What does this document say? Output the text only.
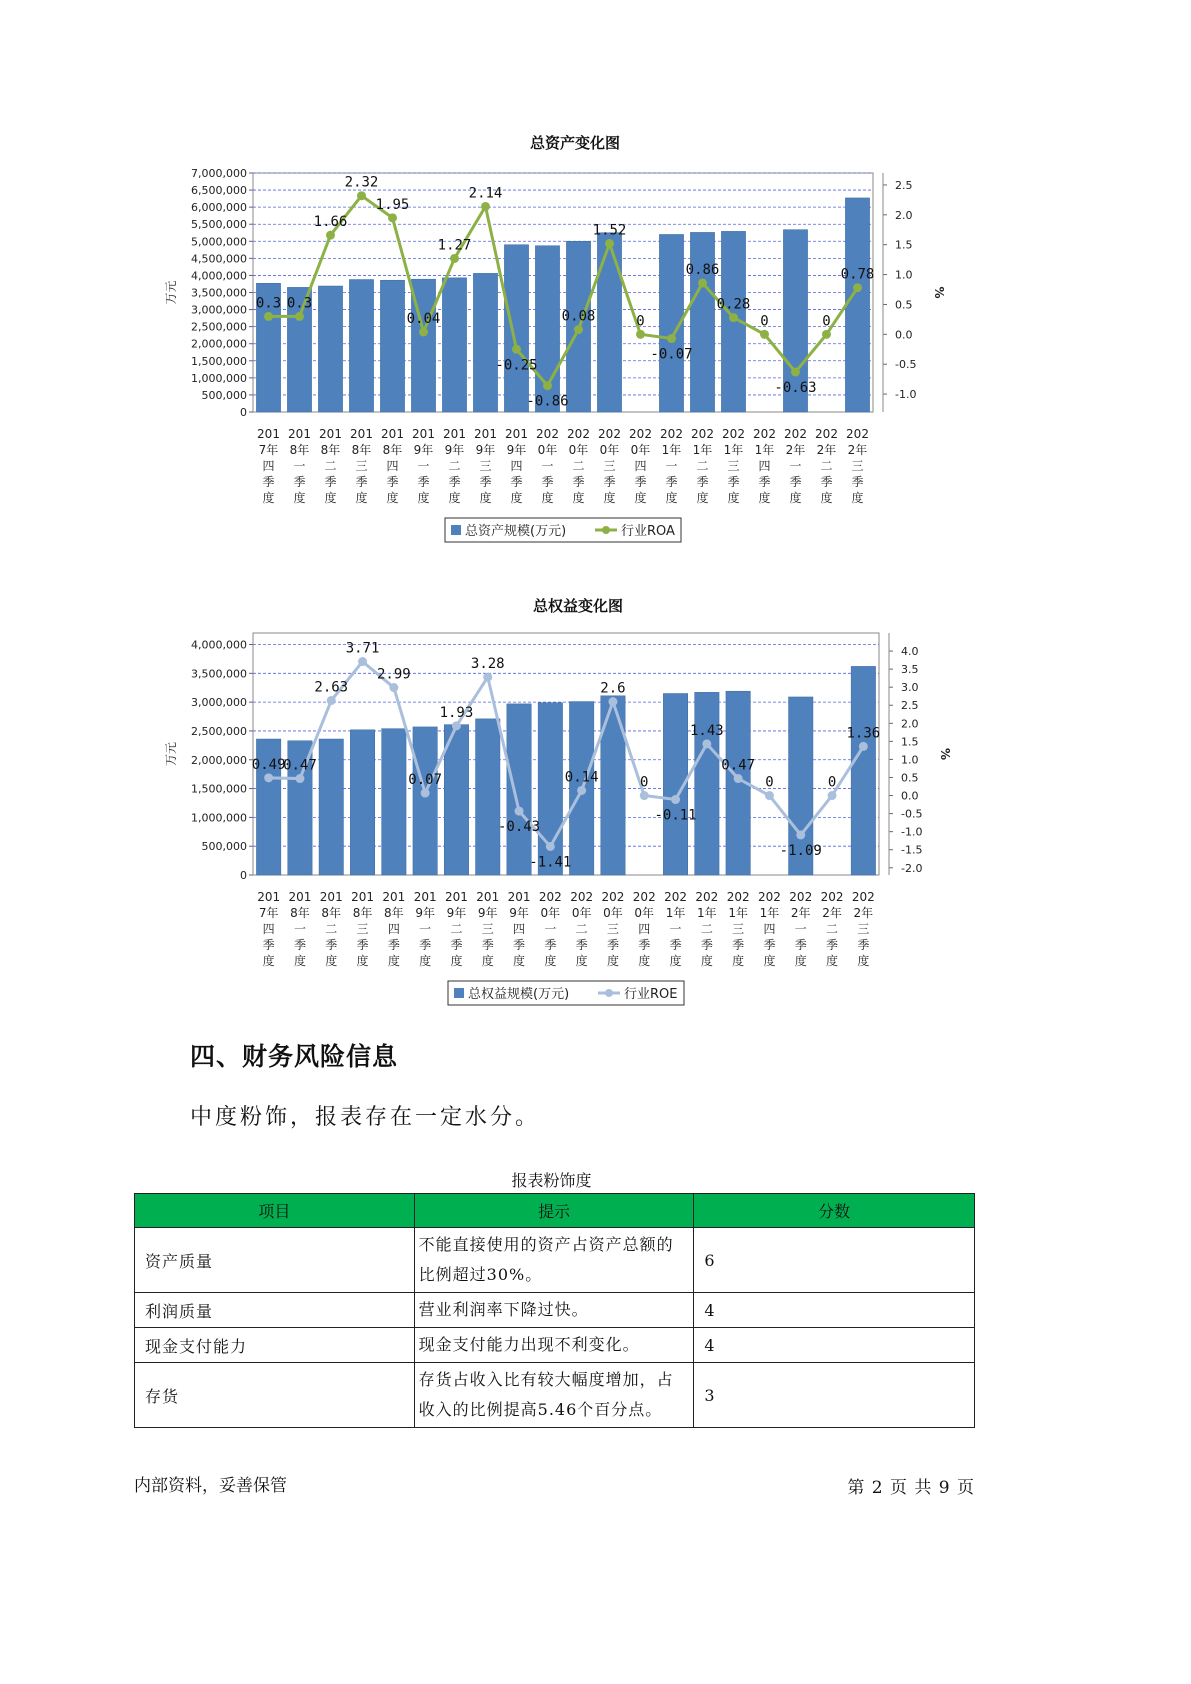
总资产变化图
0
500,000
1,000,000
1,500,000
2,000,000
2,500,000
3,000,000
3,500,000
4,000,000
4,500,000
5,000,000
5,500,000
6,000,000
6,500,000
7,000,000
-1.0
-0.5
0.0
0.5
1.0
1.5
2.0
2.5
万元	%
0.3 0.3
1.66
2.32
1.95
0.04
1.27
2.14
-0.25
-0.86
0.08
1.52
0
-0.07
0.86
0.28
0
-0.63
0
0.78
201 7年四季度
201 8年一季度
201 8年二季度
201 8年三季度
201 8年四季度
201 9年一季度
201 9年二季度
201 9年三季度
201 9年四季度
202 0年一季度
202 0年二季度
202 0年三季度
202 0年四季度
202 1年一季度
202 1年二季度
202 1年三季度
202 1年四季度
202 2年一季度
202 2年二季度
202 2年三季度
总资产规模(万元)	行业ROA
总权益变化图
0
500,000
1,000,000
1,500,000
2,000,000
2,500,000
3,000,000
3,500,000
4,000,000
-2.0
-1.5
-1.0
-0.5
0.0
0.5
1.0
1.5
2.0
2.5
3.0
3.5
4.0
万元	%
0.49
0.47
2.63
3.71
2.99
0.07
1.93
3.28
-0.43
-1.41
0.14
2.6
0
-0.11
1.43
0.47
0
-1.09
0
1.36
201 7年四季度
201 8年一季度
201 8年二季度
201 8年三季度
201 8年四季度
201 9年一季度
201 9年二季度
201 9年三季度
201 9年四季度
202 0年一季度
202 0年二季度
202 0年三季度
202 0年四季度
202 1年一季度
202 1年二季度
202 1年三季度
202 1年四季度
202 2年一季度
202 2年二季度
202 2年三季度
总权益规模(万元)	行业ROE
四、财务风险信息
中度粉饰，报表存在一定水分。
报表粉饰度
项目	提示	分数
资产质量	不能直接使用的资产占资产总额的比例超过30%。	6
利润质量	营业利润率下降过快。	4
现金支付能力	现金支付能力出现不利变化。	4
存货	存货占收入比有较大幅度增加，占收入的比例提高5.46个百分点。	3
内部资料，妥善保管	第 2 页 共 9 页
